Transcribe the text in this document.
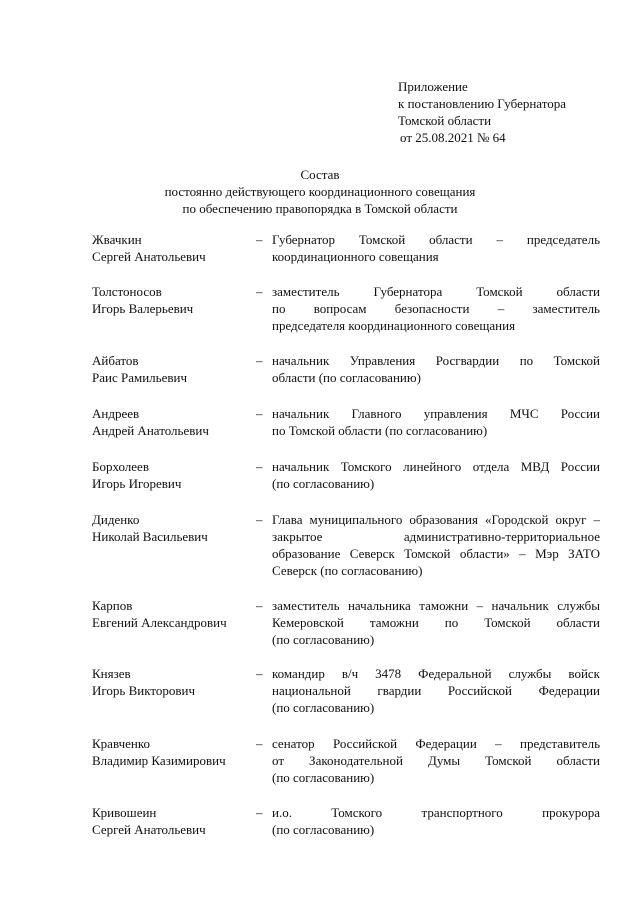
Приложение
к постановлению Губернатора
Томской области
от 25.08.2021 № 64
Состав
постоянно действующего координационного совещания
по обеспечению правопорядка в Томской области
Жвачкин
Сергей Анатольевич
– Губернатор Томской области – председатель
координационного совещания
Толстоносов
Игорь Валерьевич
– заместитель Губернатора Томской области
по вопросам безопасности – заместитель
председателя координационного совещания
Айбатов
Раис Рамильевич
– начальник Управления Росгвардии по Томской
области (по согласованию)
Андреев
Андрей Анатольевич
– начальник Главного управления МЧС России
по Томской области (по согласованию)
Борхолеев
Игорь Игоревич
– начальник Томского линейного отдела МВД России
(по согласованию)
Диденко
Николай Васильевич
– Глава муниципального образования «Городской округ –
закрытое административно-территориальное
образование Северск Томской области» – Мэр ЗАТО
Северск (по согласованию)
Карпов
Евгений Александрович
– заместитель начальника таможни – начальник службы
Кемеровской таможни по Томской области
(по согласованию)
Князев
Игорь Викторович
– командир в/ч 3478 Федеральной службы войск
национальной гвардии Российской Федерации
(по согласованию)
Кравченко
Владимир Казимирович
– сенатор Российской Федерации – представитель
от Законодательной Думы Томской области
(по согласованию)
Кривошеин
Сергей Анатольевич
– и.о. Томского транспортного прокурора
(по согласованию)
